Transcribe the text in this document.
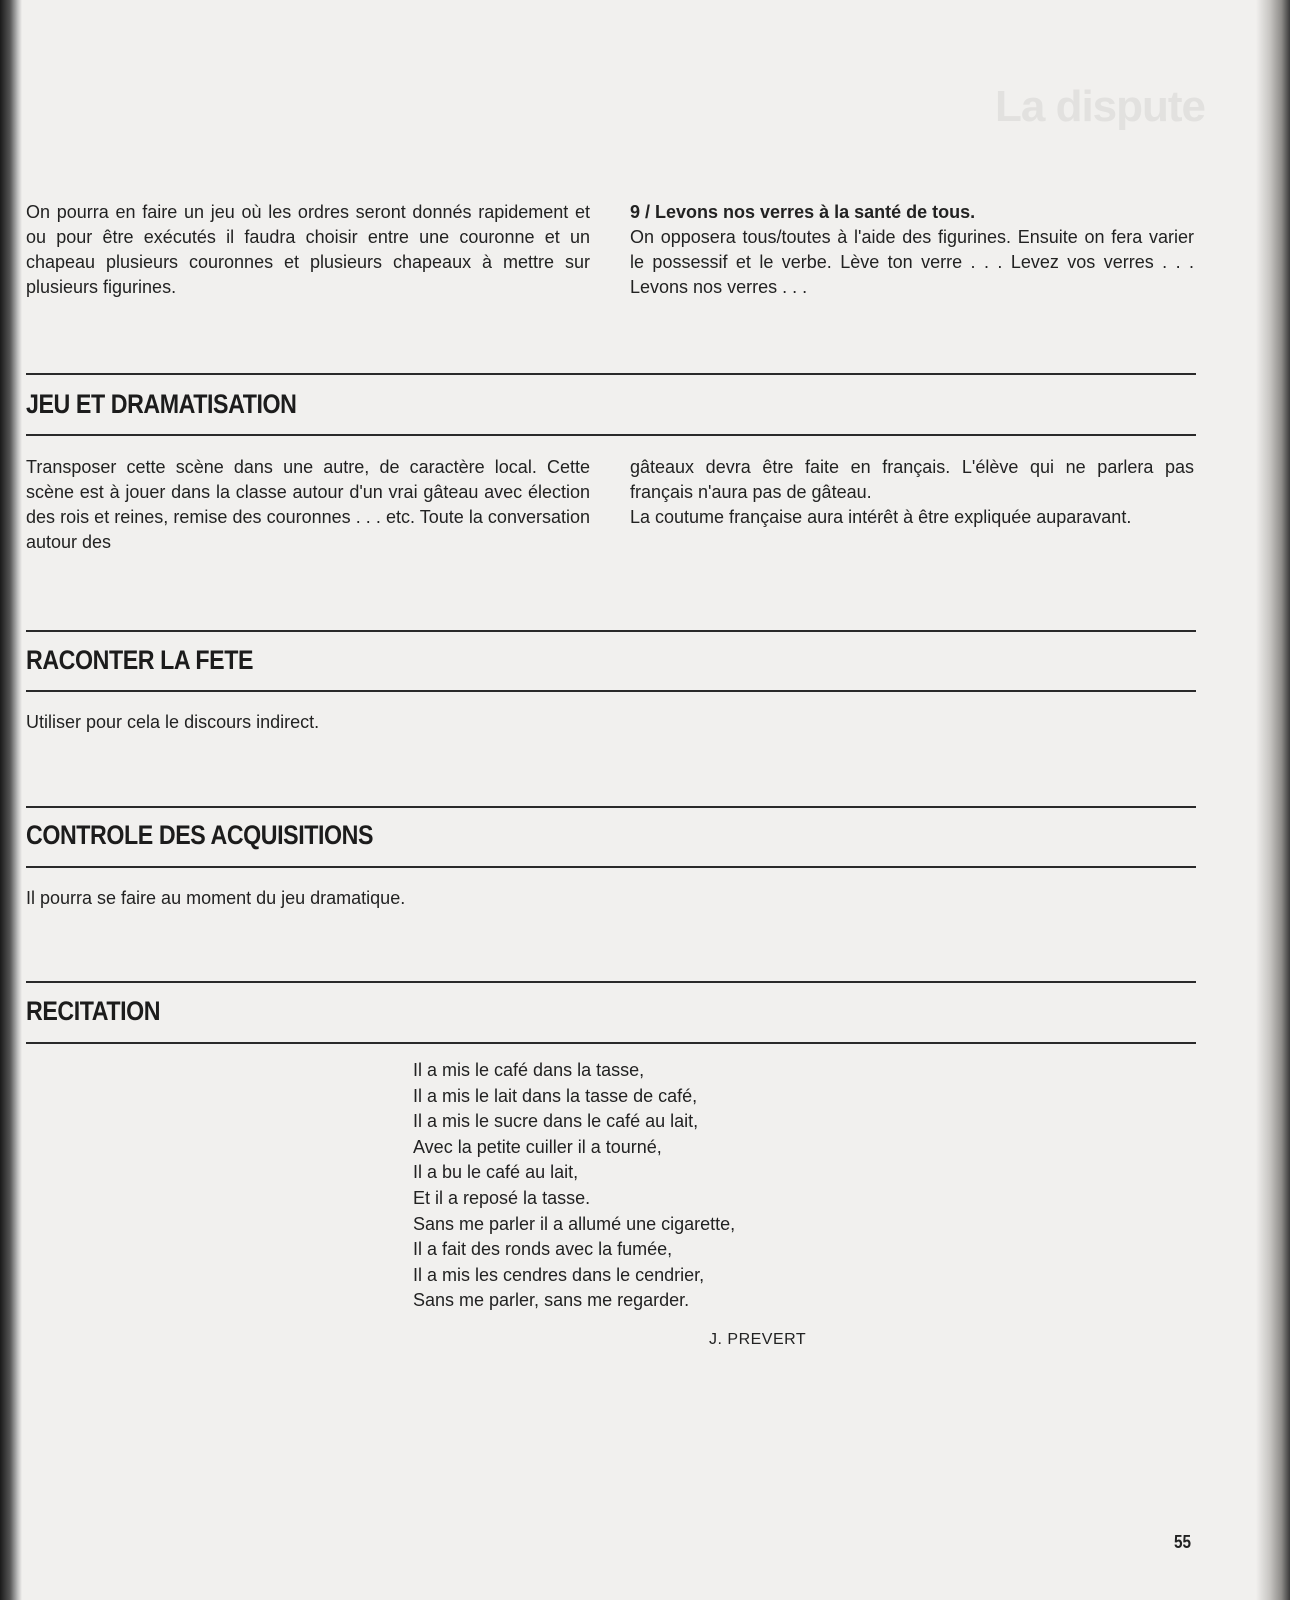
La dispute
On pourra en faire un jeu où les ordres seront donnés rapidement et ou pour être exécutés il faudra choisir entre une couronne et un chapeau plusieurs couronnes et plusieurs chapeaux à mettre sur plusieurs figurines.
9 / Levons nos verres à la santé de tous.
On opposera tous/toutes à l'aide des figurines. Ensuite on fera varier le possessif et le verbe. Lève ton verre . . . Levez vos verres . . . Levons nos verres . . .
JEU ET DRAMATISATION
Transposer cette scène dans une autre, de caractère local. Cette scène est à jouer dans la classe autour d'un vrai gâteau avec élection des rois et reines, remise des couronnes . . . etc. Toute la conversation autour des
gâteaux devra être faite en français. L'élève qui ne parlera pas français n'aura pas de gâteau.
La coutume française aura intérêt à être expliquée auparavant.
RACONTER LA FETE
Utiliser pour cela le discours indirect.
CONTROLE DES ACQUISITIONS
Il pourra se faire au moment du jeu dramatique.
RECITATION
Il a mis le café dans la tasse,
Il a mis le lait dans la tasse de café,
Il a mis le sucre dans le café au lait,
Avec la petite cuiller il a tourné,
Il a bu le café au lait,
Et il a reposé la tasse.
Sans me parler il a allumé une cigarette,
Il a fait des ronds avec la fumée,
Il a mis les cendres dans le cendrier,
Sans me parler, sans me regarder.
J. PREVERT
55
